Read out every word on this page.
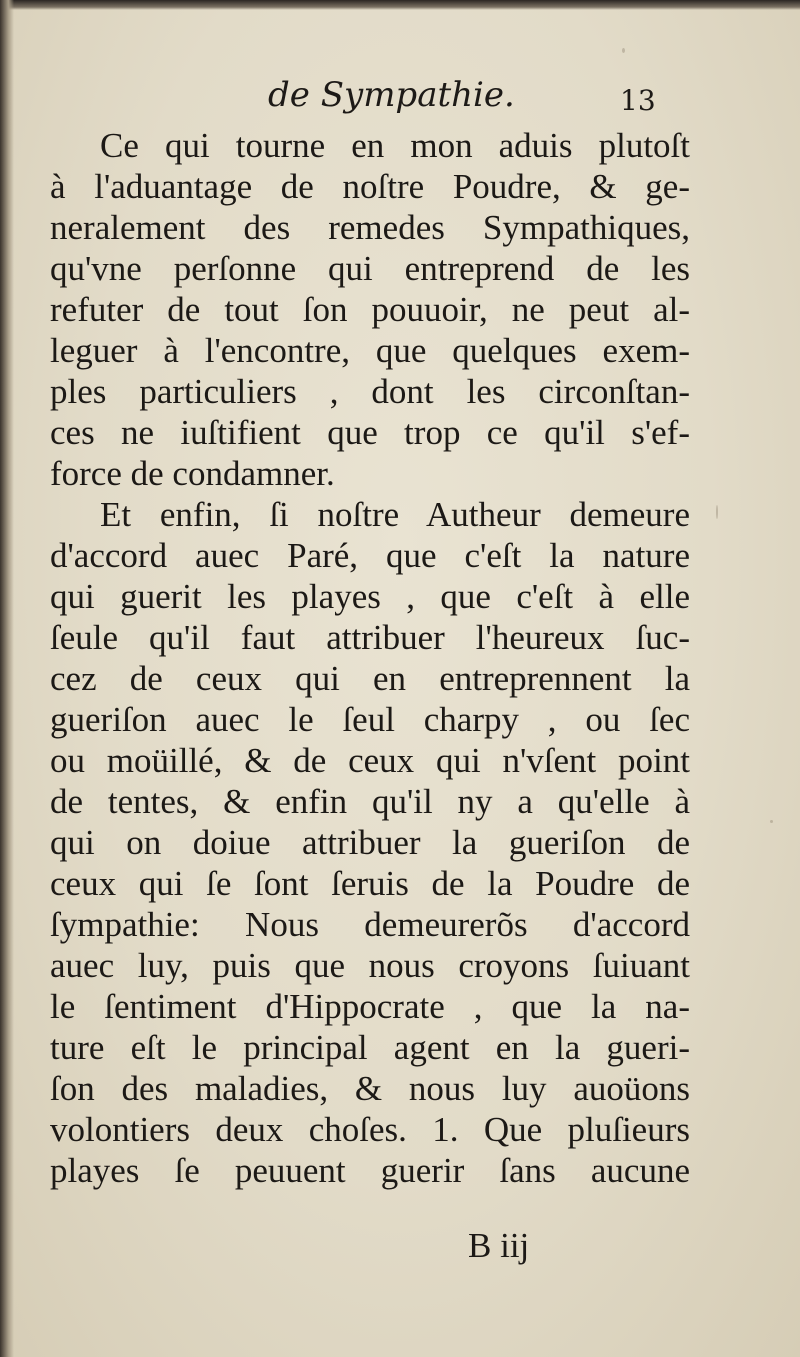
de Sympathie.	13
Ce qui tourne en mon aduis plutoſt
à l'aduantage de noſtre Poudre, & ge-
neralement des remedes Sympathiques,
qu'vne perſonne qui entreprend de les
refuter de tout ſon pouuoir, ne peut al-
leguer à l'encontre, que quelques exem-
ples particuliers , dont les circonſtan-
ces ne iuſtifient que trop ce qu'il s'ef-
force de condamner.
Et enfin, ſi noſtre Autheur demeure
d'accord auec Paré, que c'eſt la nature
qui guerit les playes , que c'eſt à elle
ſeule qu'il faut attribuer l'heureux ſuc-
cez de ceux qui en entreprennent la
gueriſon auec le ſeul charpy , ou ſec
ou moüillé, & de ceux qui n'vſent point
de tentes, & enfin qu'il ny a qu'elle à
qui on doiue attribuer la gueriſon de
ceux qui ſe ſont ſeruis de la Poudre de
ſympathie: Nous demeurerõs d'accord
auec luy, puis que nous croyons ſuiuant
le ſentiment d'Hippocrate , que la na-
ture eſt le principal agent en la gueri-
ſon des maladies, & nous luy auoüons
volontiers deux choſes. 1. Que pluſieurs
playes ſe peuuent guerir ſans aucune
B iij
